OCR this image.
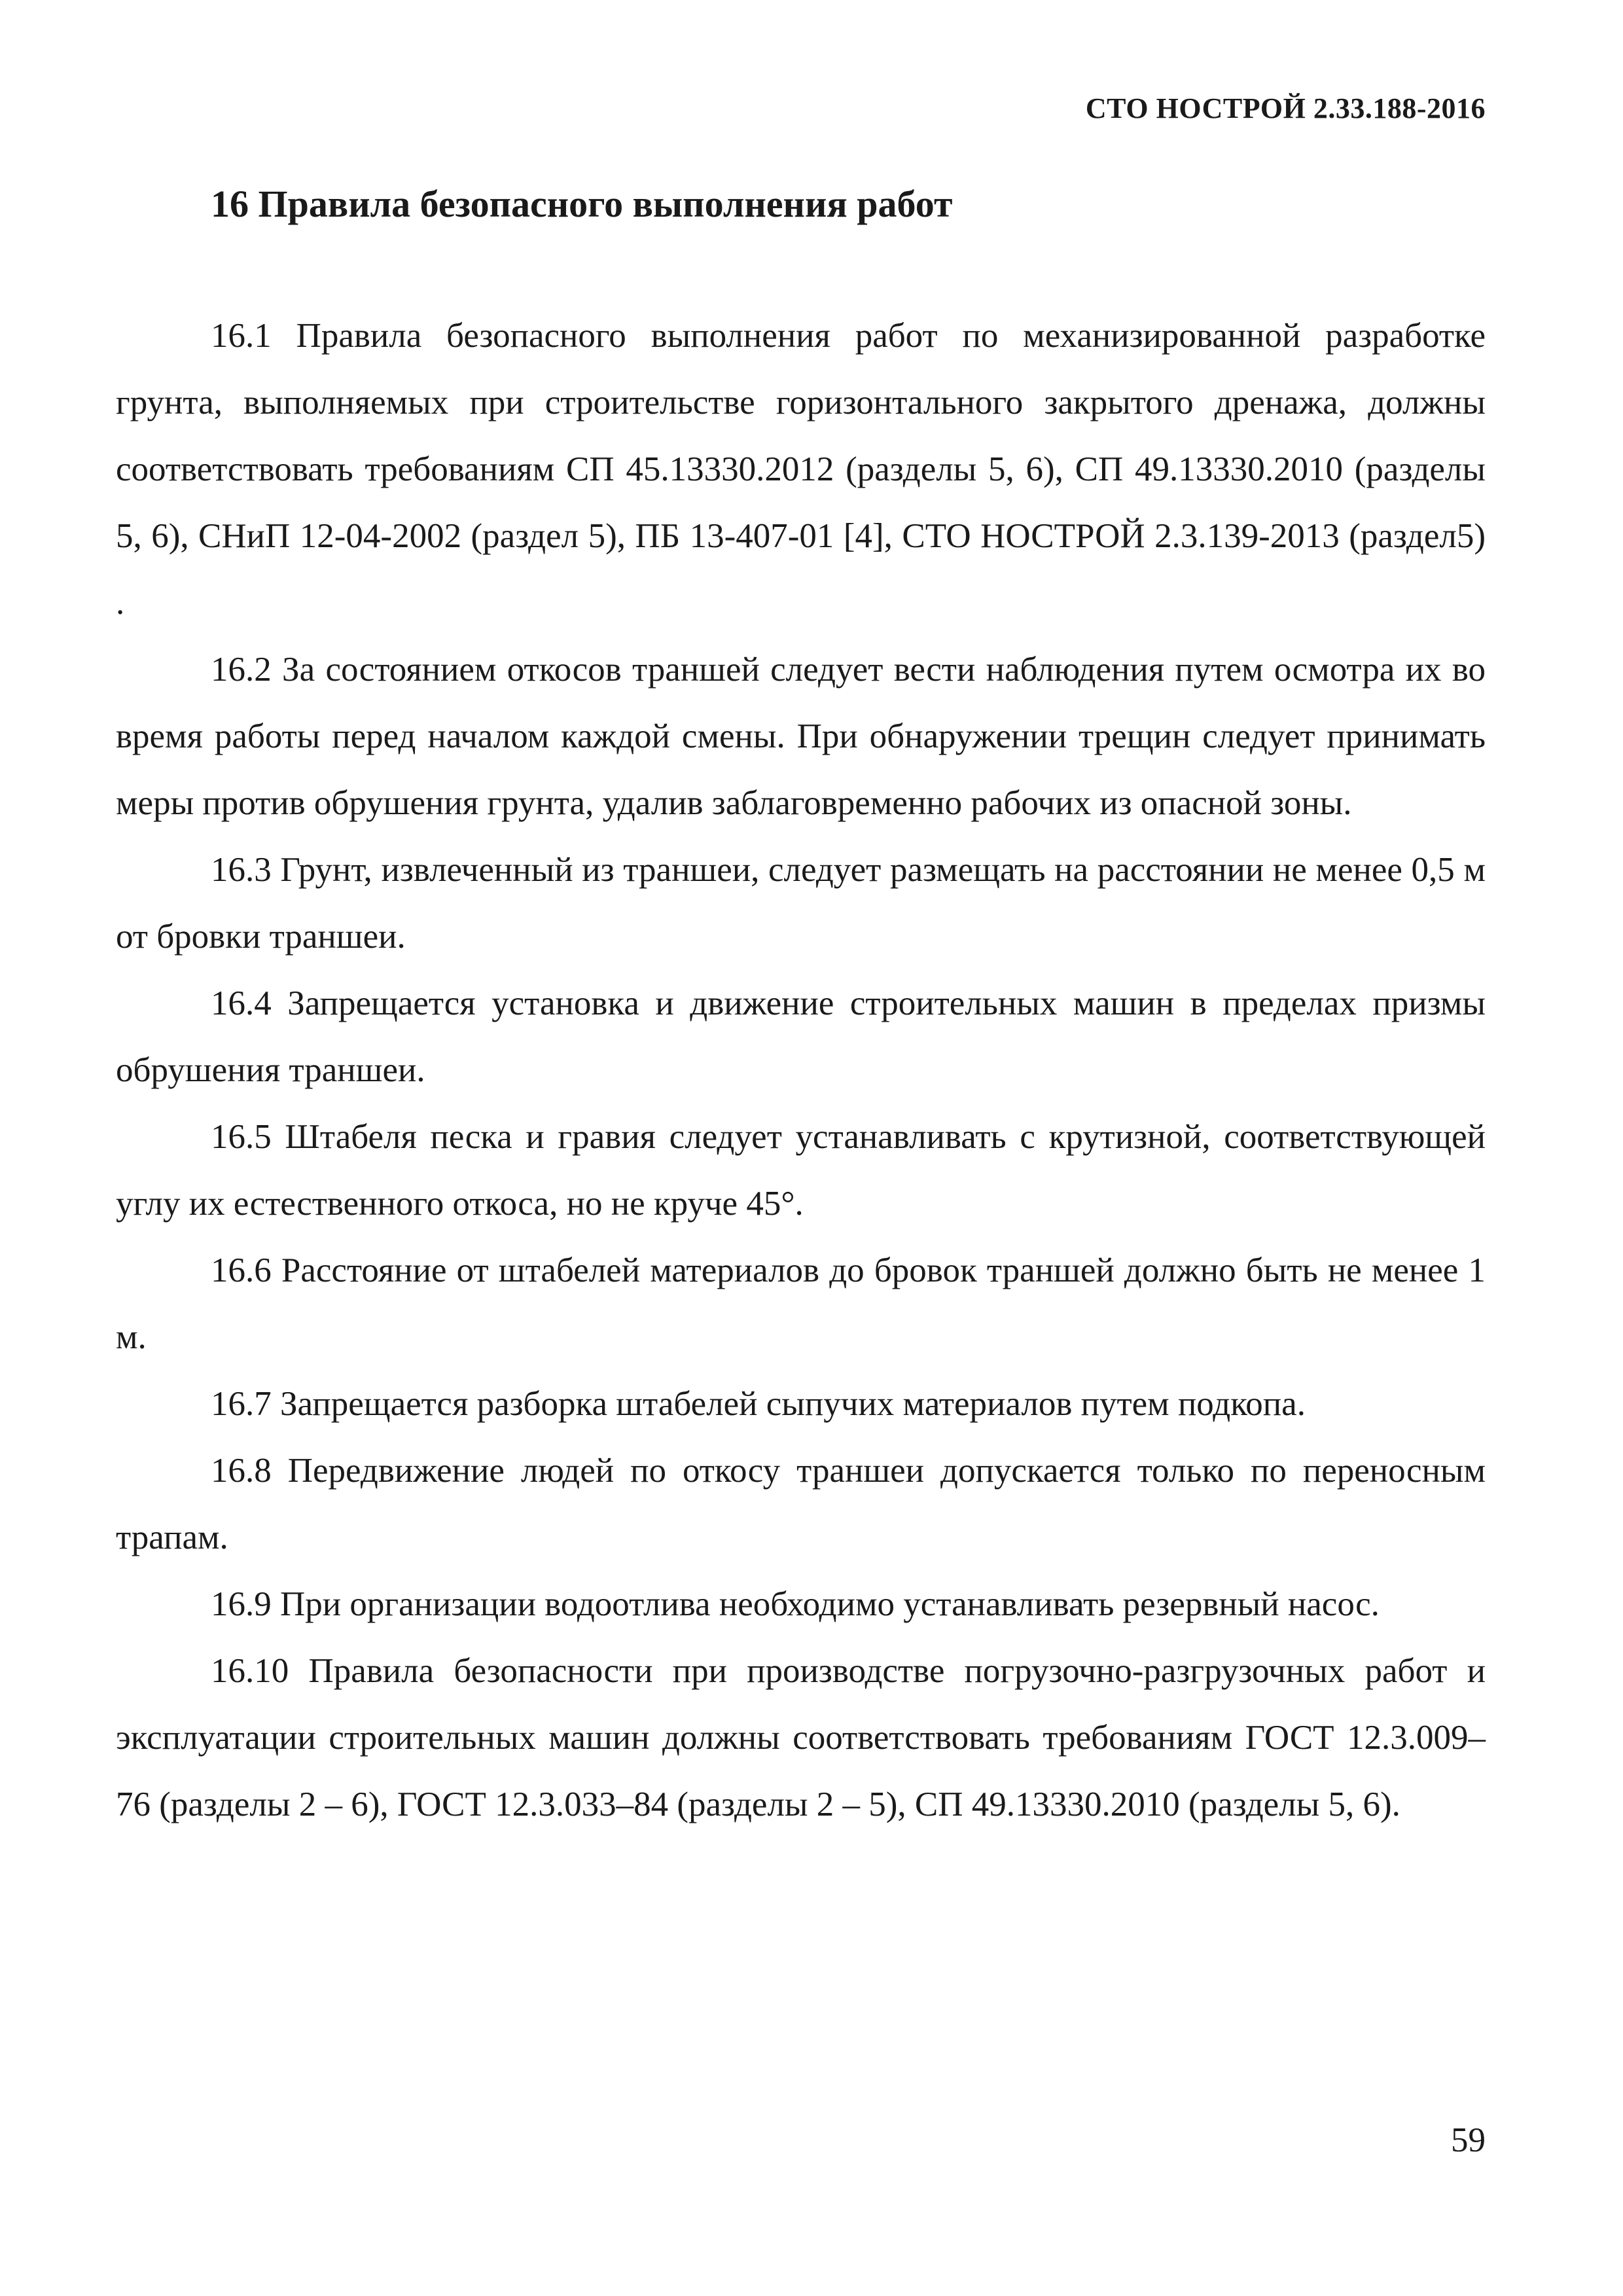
СТО НОСТРОЙ 2.33.188-2016
16 Правила безопасного выполнения работ

16.1 Правила безопасного выполнения работ по механизированной разработке грунта, выполняемых при строительстве горизонтального закрытого дренажа, должны соответствовать требованиям СП 45.13330.2012 (разделы 5, 6), СП 49.13330.2010 (разделы 5, 6), СНиП 12-04-2002 (раздел 5), ПБ 13-407-01 [4], СТО НОСТРОЙ 2.3.139-2013 (раздел5) .

16.2 За состоянием откосов траншей следует вести наблюдения путем осмотра их во время работы перед началом каждой смены. При обнаружении трещин следует принимать меры против обрушения грунта, удалив заблаговременно рабочих из опасной зоны.

16.3 Грунт, извлеченный из траншеи, следует размещать на расстоянии не менее 0,5 м от бровки траншеи.

16.4 Запрещается установка и движение строительных машин в пределах призмы обрушения траншеи.

16.5 Штабеля песка и гравия следует устанавливать с крутизной, соответствующей углу их естественного откоса, но не круче 45°.

16.6 Расстояние от штабелей материалов до бровок траншей должно быть не менее 1 м.

16.7 Запрещается разборка штабелей сыпучих материалов путем подкопа.

16.8 Передвижение людей по откосу траншеи допускается только по переносным трапам.

16.9 При организации водоотлива необходимо устанавливать резервный насос.

16.10 Правила безопасности при производстве погрузочно-разгрузочных работ и эксплуатации строительных машин должны соответствовать требованиям ГОСТ 12.3.009–76 (разделы 2 – 6), ГОСТ 12.3.033–84 (разделы 2 – 5), СП 49.13330.2010 (разделы 5, 6).

59
